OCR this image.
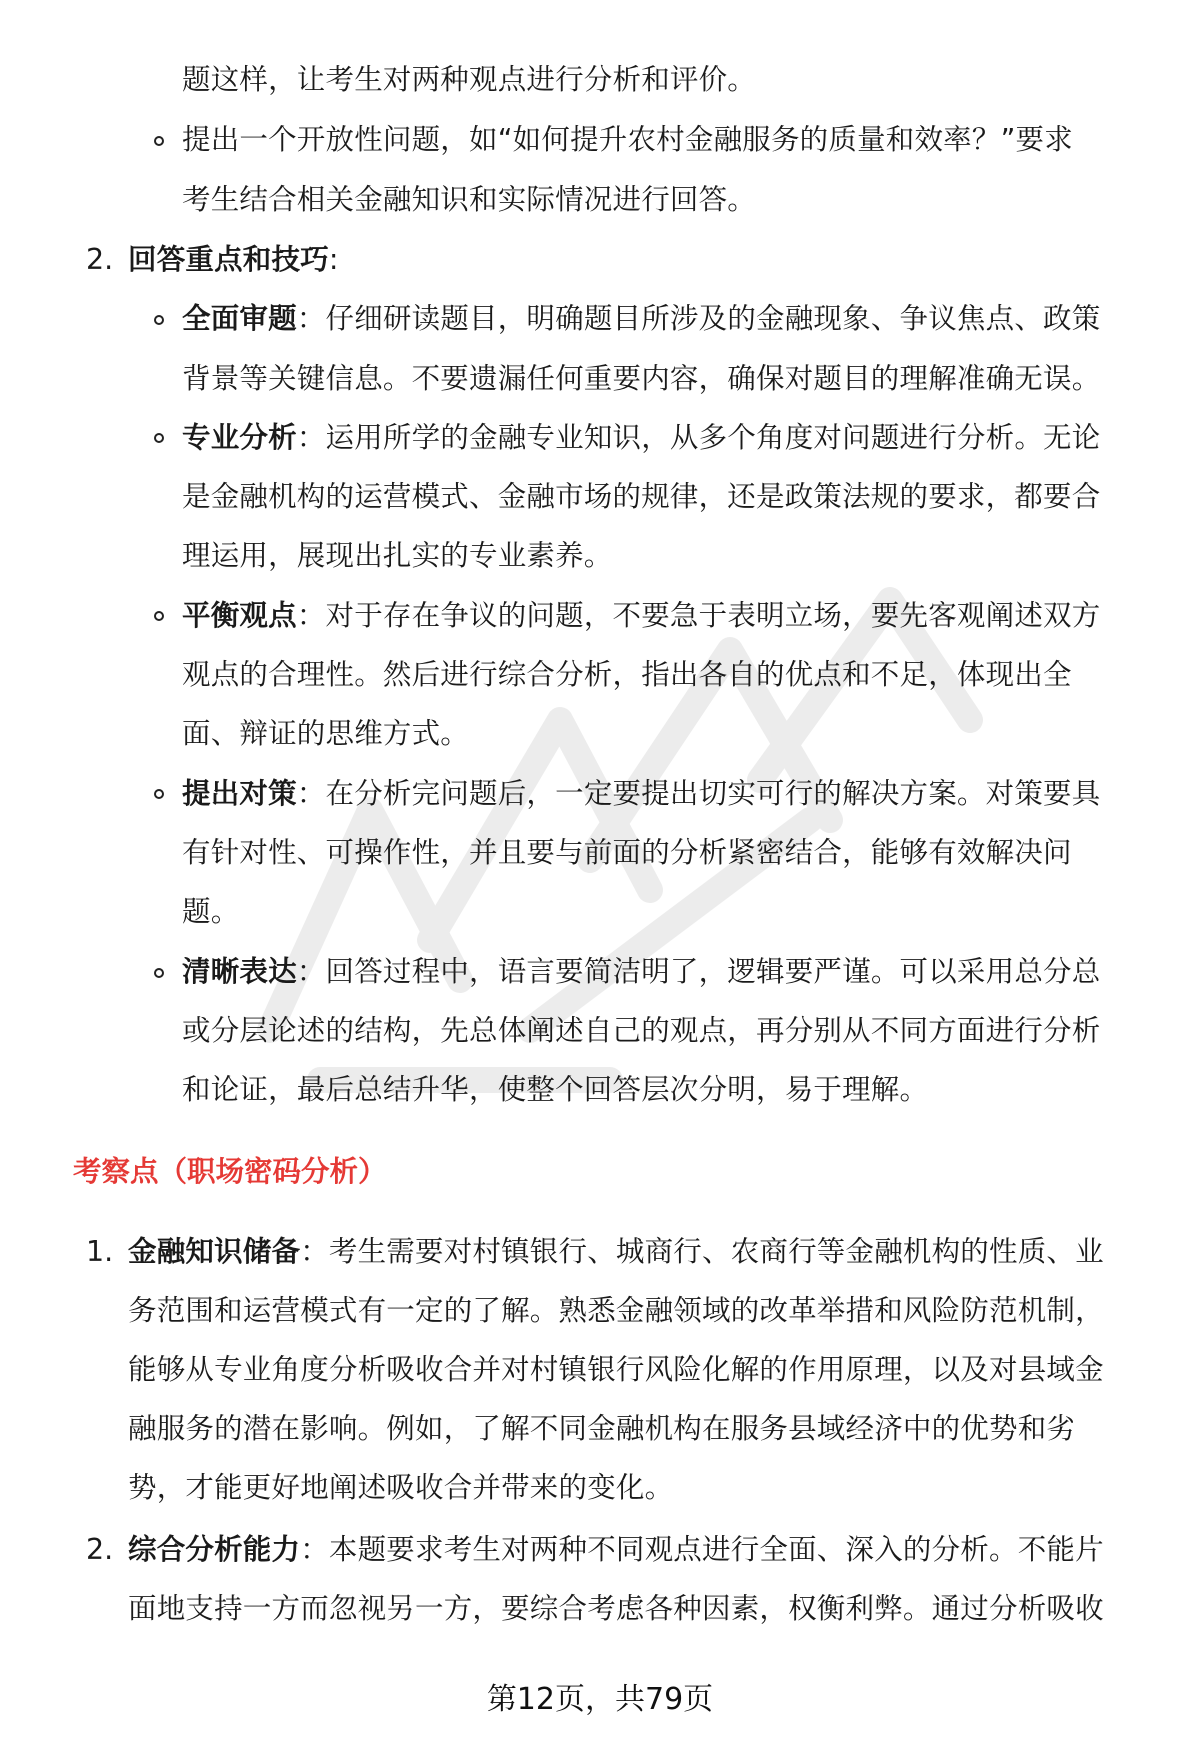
题这样，让考生对两种观点进行分析和评价。
提出一个开放性问题，如“如何提升农村金融服务的质量和效率？”要求
考生结合相关金融知识和实际情况进行回答。
2. 回答重点和技巧:
全面审题：仔细研读题目，明确题目所涉及的金融现象、争议焦点、政策
背景等关键信息。不要遗漏任何重要内容，确保对题目的理解准确无误。
专业分析：运用所学的金融专业知识，从多个角度对问题进行分析。无论
是金融机构的运营模式、金融市场的规律，还是政策法规的要求，都要合
理运用，展现出扎实的专业素养。
平衡观点：对于存在争议的问题，不要急于表明立场，要先客观阐述双方
观点的合理性。然后进行综合分析，指出各自的优点和不足，体现出全
面、辩证的思维方式。
提出对策：在分析完问题后，一定要提出切实可行的解决方案。对策要具
有针对性、可操作性，并且要与前面的分析紧密结合，能够有效解决问
题。
清晰表达：回答过程中，语言要简洁明了，逻辑要严谨。可以采用总分总
或分层论述的结构，先总体阐述自己的观点，再分别从不同方面进行分析
和论证，最后总结升华，使整个回答层次分明，易于理解。
考察点（职场密码分析）
1. 金融知识储备：考生需要对村镇银行、城商行、农商行等金融机构的性质、业
务范围和运营模式有一定的了解。熟悉金融领域的改革举措和风险防范机制，
能够从专业角度分析吸收合并对村镇银行风险化解的作用原理，以及对县域金
融服务的潜在影响。例如，了解不同金融机构在服务县域经济中的优势和劣
势，才能更好地阐述吸收合并带来的变化。
2. 综合分析能力：本题要求考生对两种不同观点进行全面、深入的分析。不能片
面地支持一方而忽视另一方，要综合考虑各种因素，权衡利弊。通过分析吸收
第12页，共79页
